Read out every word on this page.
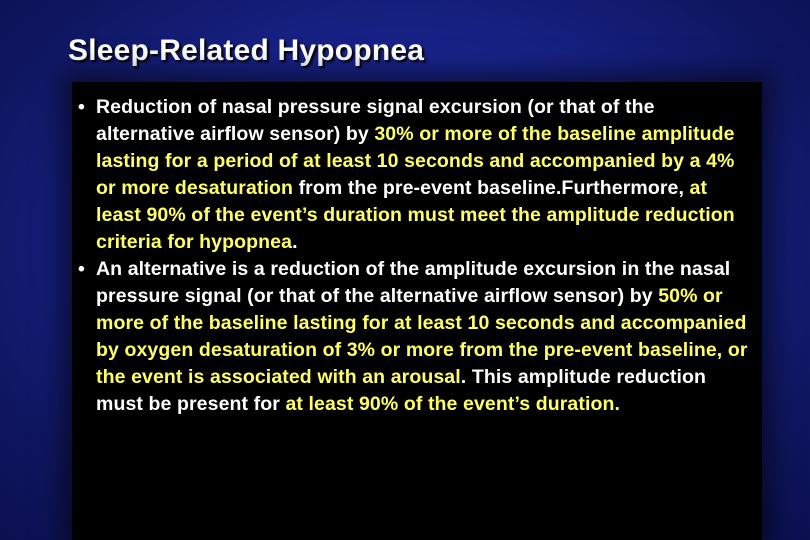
Sleep-Related Hypopnea
• Reduction of nasal pressure signal excursion (or that of the alternative airflow sensor) by 30% or more of the baseline amplitude lasting for a period of at least 10 seconds and accompanied by a 4% or more desaturation from the pre-event baseline.Furthermore, at least 90% of the event’s duration must meet the amplitude reduction criteria for hypopnea.
• An alternative is a reduction of the amplitude excursion in the nasal pressure signal (or that of the alternative airflow sensor) by 50% or more of the baseline lasting for at least 10 seconds and accompanied by oxygen desaturation of 3% or more from the pre-event baseline, or the event is associated with an arousal. This amplitude reduction must be present for at least 90% of the event’s duration.
